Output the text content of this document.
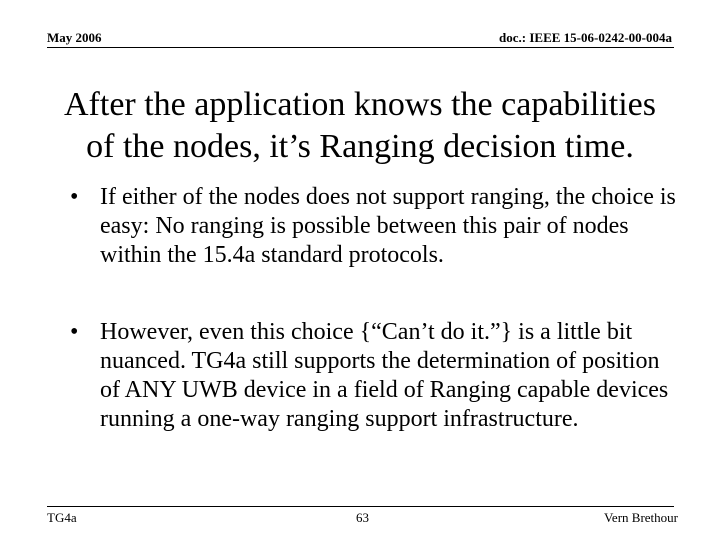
May 2006	doc.: IEEE 15-06-0242-00-004a
After the application knows the capabilities
of the nodes, it’s Ranging decision time.
• If either of the nodes does not support ranging, the choice is easy: No ranging is possible between this pair of nodes within the 15.4a standard protocols.
• However, even this choice {“Can’t do it.”} is a little bit nuanced. TG4a still supports the determination of position of ANY UWB device in a field of Ranging capable devices running a one-way ranging support infrastructure.
TG4a	63	Vern Brethour
